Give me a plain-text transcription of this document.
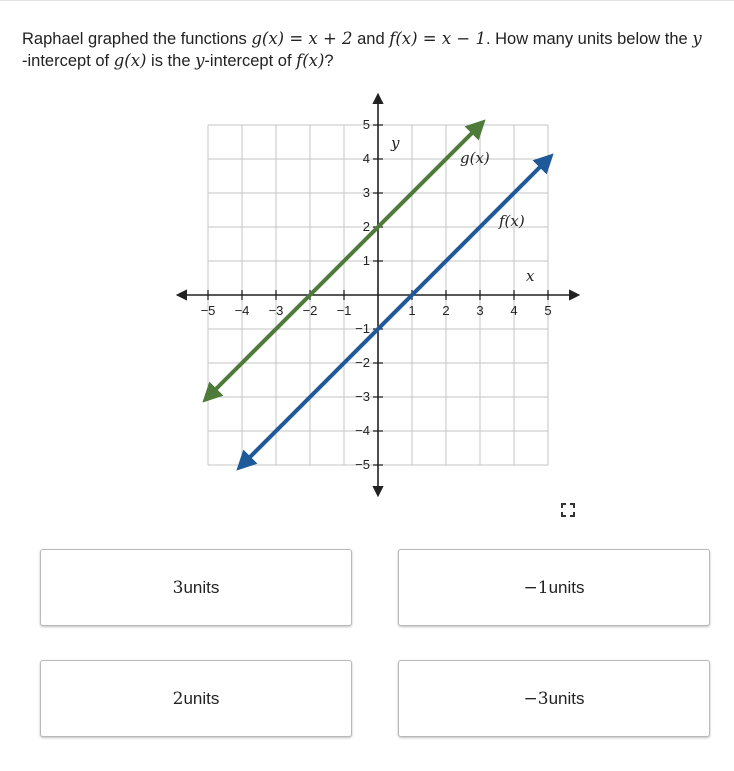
Raphael graphed the functions g(x) = x + 2 and f(x) = x − 1. How many units below the y
-intercept of g(x) is the y-intercept of f(x)?
−5 −4 −3 −2 −1	1 2 3 4 5
5
4
3
2
1
−1
−2
−3
−4
−5
y
x
g(x)
f(x)
3 units	−1 units
2 units	−3 units
